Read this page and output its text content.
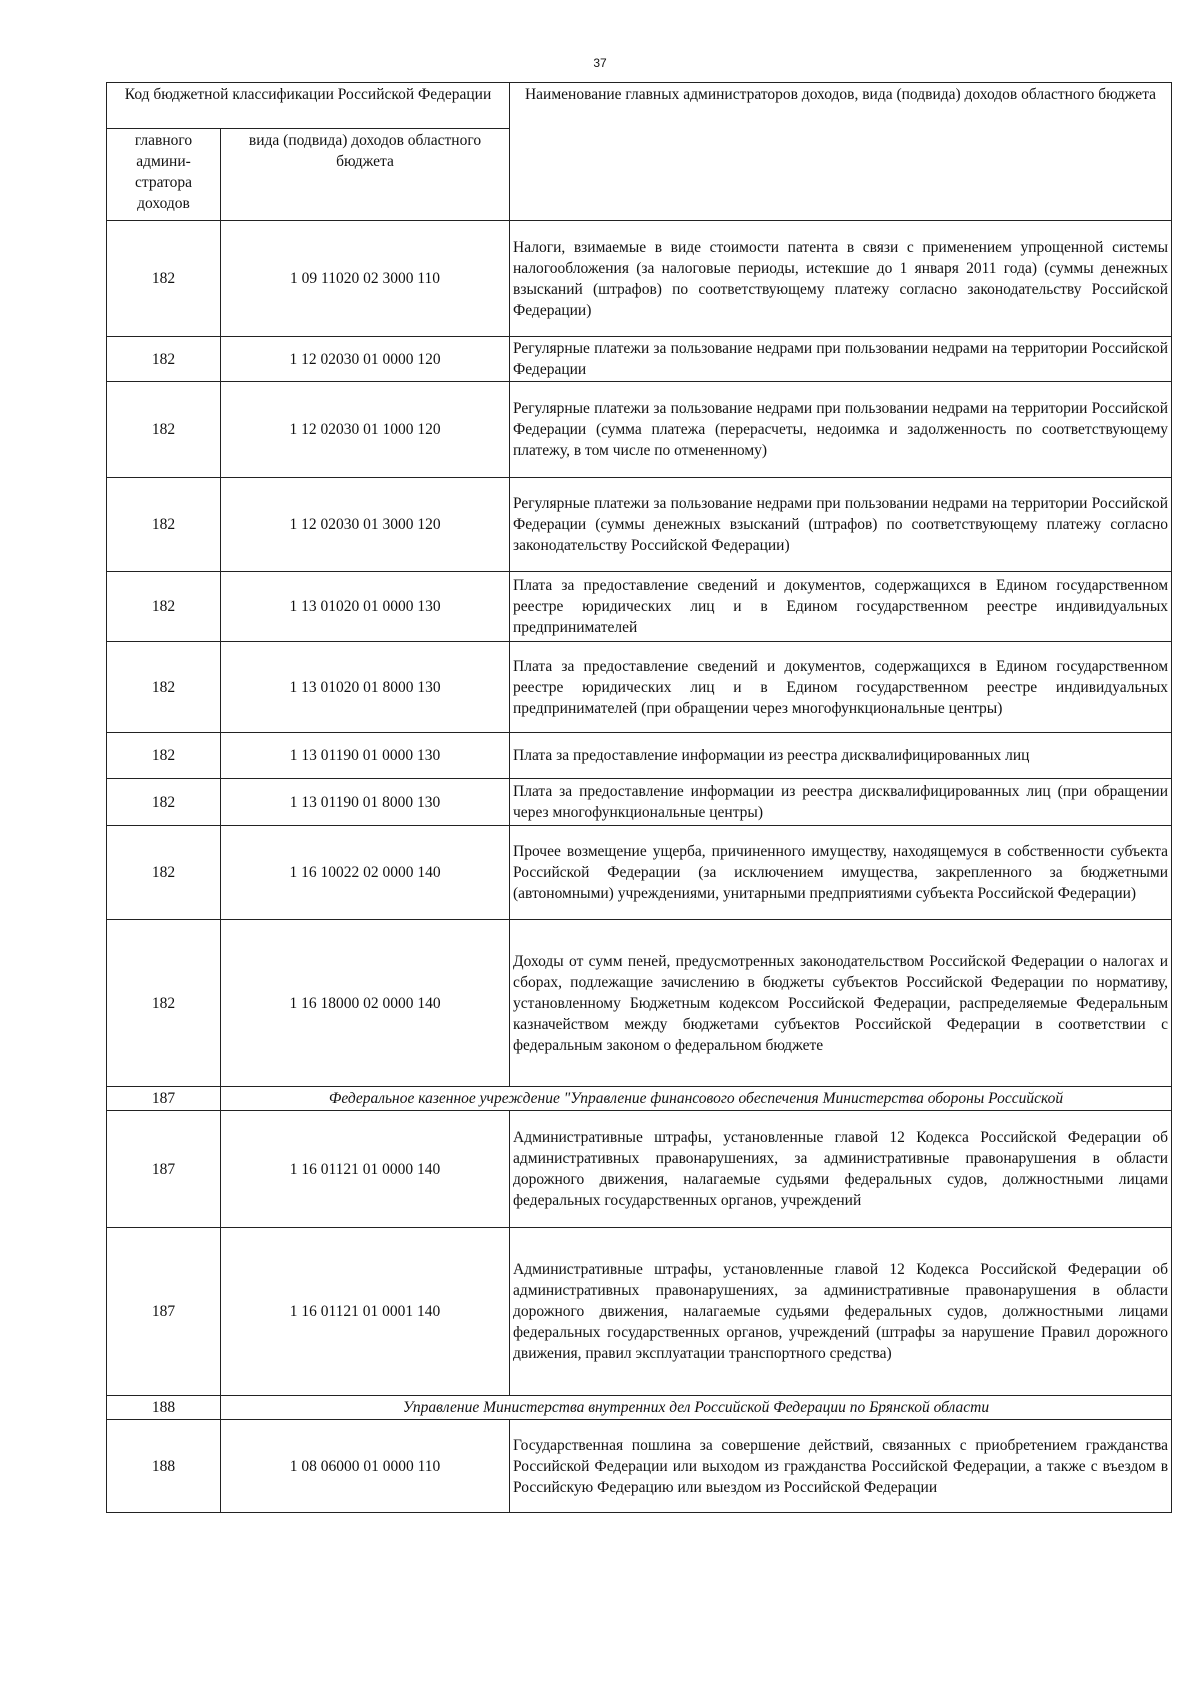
37
Код бюджетной классификации Российской Федерации		Наименование главных администраторов доходов, вида (подвида) доходов областного бюджета
главного админи-стратора доходов	вида (подвида) доходов областного бюджета	
182	1 09 11020 02 3000 110	Налоги, взимаемые в виде стоимости патента в связи с применением упрощенной системы налогообложения (за налоговые периоды, истекшие до 1 января 2011 года) (суммы денежных взысканий (штрафов) по соответствующему платежу согласно законодательству Российской Федерации)
182	1 12 02030 01 0000 120	Регулярные платежи за пользование недрами при пользовании недрами на территории Российской Федерации
182	1 12 02030 01 1000 120	Регулярные платежи за пользование недрами при пользовании недрами на территории Российской Федерации (сумма платежа (перерасчеты, недоимка и задолженность по соответствующему платежу, в том числе по отмененному)
182	1 12 02030 01 3000 120	Регулярные платежи за пользование недрами при пользовании недрами на территории Российской Федерации (суммы денежных взысканий (штрафов) по соответствующему платежу согласно законодательству Российской Федерации)
182	1 13 01020 01 0000 130	Плата за предоставление сведений и документов, содержащихся в Едином государственном реестре юридических лиц и в Едином государственном реестре индивидуальных предпринимателей
182	1 13 01020 01 8000 130	Плата за предоставление сведений и документов, содержащихся в Едином государственном реестре юридических лиц и в Едином государственном реестре индивидуальных предпринимателей (при обращении через многофункциональные центры)
182	1 13 01190 01 0000 130	Плата за предоставление информации из реестра дисквалифицированных лиц
182	1 13 01190 01 8000 130	Плата за предоставление информации из реестра дисквалифицированных лиц (при обращении через многофункциональные центры)
182	1 16 10022 02 0000 140	Прочее возмещение ущерба, причиненного имуществу, находящемуся в собственности субъекта Российской Федерации (за исключением имущества, закрепленного за бюджетными (автономными) учреждениями, унитарными предприятиями субъекта Российской Федерации)
182	1 16 18000 02 0000 140	Доходы от сумм пеней, предусмотренных законодательством Российской Федерации о налогах и сборах, подлежащие зачислению в бюджеты субъектов Российской Федерации по нормативу, установленному Бюджетным кодексом Российской Федерации, распределяемые Федеральным казначейством между бюджетами субъектов Российской Федерации в соответствии с федеральным законом о федеральном бюджете
187	Федеральное казенное учреждение "Управление финансового обеспечения Министерства обороны Российской	
187	1 16 01121 01 0000 140	Административные штрафы, установленные главой 12 Кодекса Российской Федерации об административных правонарушениях, за административные правонарушения в области дорожного движения, налагаемые судьями федеральных судов, должностными лицами федеральных государственных органов, учреждений
187	1 16 01121 01 0001 140	Административные штрафы, установленные главой 12 Кодекса Российской Федерации об административных правонарушениях, за административные правонарушения в области дорожного движения, налагаемые судьями федеральных судов, должностными лицами федеральных государственных органов, учреждений (штрафы за нарушение Правил дорожного движения, правил эксплуатации транспортного средства)
188	Управление Министерства внутренних дел Российской Федерации по Брянской области	
188	1 08 06000 01 0000 110	Государственная пошлина за совершение действий, связанных с приобретением гражданства Российской Федерации или выходом из гражданства Российской Федерации, а также с въездом в Российскую Федерацию или выездом из Российской Федерации
